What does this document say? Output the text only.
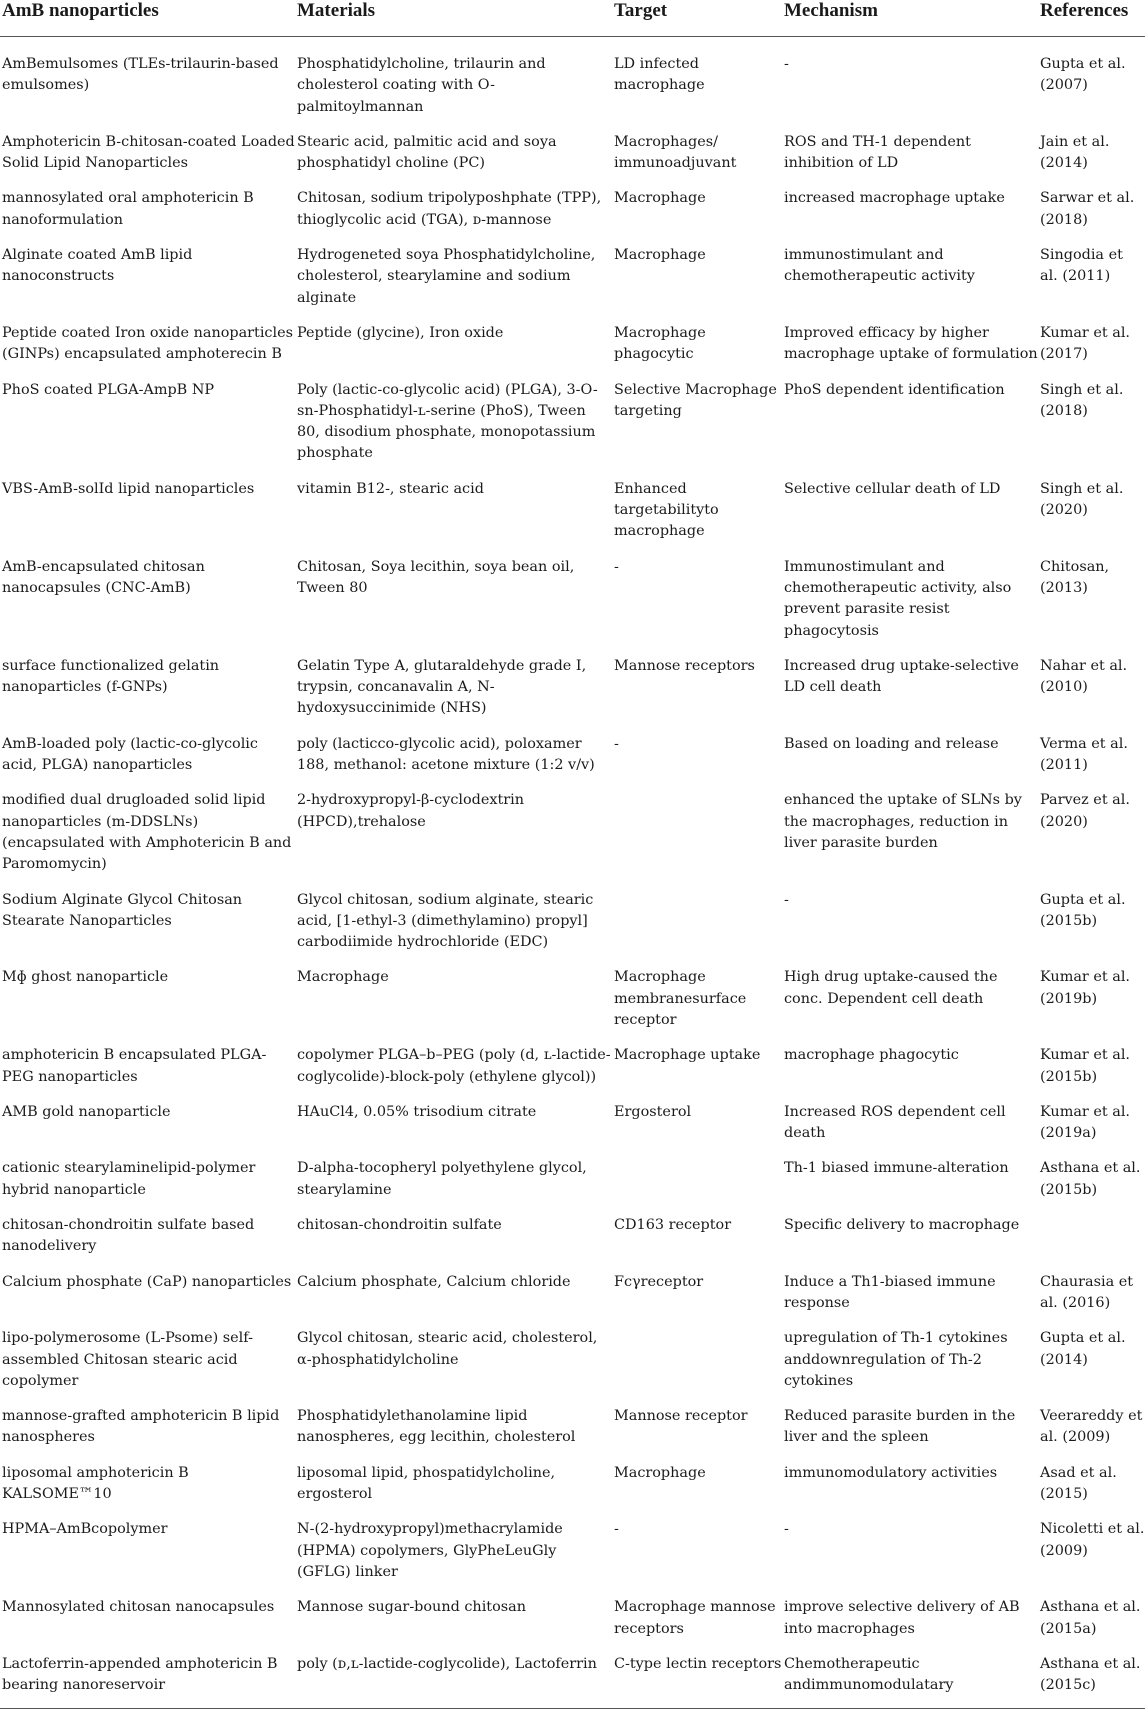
AmB nanoparticles	Materials	Target	Mechanism	References

AmBemulsomes (TLEs-trilaurin-based emulsomes)	Phosphatidylcholine, trilaurin and cholesterol coating with O-palmitoylmannan	LD infected macrophage	-	Gupta et al. (2007)
Amphotericin B-chitosan-coated Loaded Solid Lipid Nanoparticles	Stearic acid, palmitic acid and soya phosphatidyl choline (PC)	Macrophages/ immunoadjuvant	ROS and TH-1 dependent inhibition of LD	Jain et al. (2014)
mannosylated oral amphotericin B nanoformulation	Chitosan, sodium tripolyposhphate (TPP), thioglycolic acid (TGA), ᴅ-mannose	Macrophage	increased macrophage uptake	Sarwar et al. (2018)
Alginate coated AmB lipid nanoconstructs	Hydrogeneted soya Phosphatidylcholine, cholesterol, stearylamine and sodium alginate	Macrophage	immunostimulant and chemotherapeutic activity	Singodia et al. (2011)
Peptide coated Iron oxide nanoparticles (GINPs) encapsulated amphoterecin B	Peptide (glycine), Iron oxide	Macrophage phagocytic	Improved efficacy by higher macrophage uptake of formulation	Kumar et al. (2017)
PhoS coated PLGA-AmpB NP	Poly (lactic-co-glycolic acid) (PLGA), 3-O-sn-Phosphatidyl-ʟ-serine (PhoS), Tween 80, disodium phosphate, monopotassium phosphate	Selective Macrophage targeting	PhoS dependent identification	Singh et al. (2018)
VBS-AmB-solId lipid nanoparticles	vitamin B12-, stearic acid	Enhanced targetabilityto macrophage	Selective cellular death of LD	Singh et al. (2020)
AmB-encapsulated chitosan nanocapsules (CNC-AmB)	Chitosan, Soya lecithin, soya bean oil, Tween 80	-	Immunostimulant and chemotherapeutic activity, also prevent parasite resist phagocytosis	Chitosan, (2013)
surface functionalized gelatin nanoparticles (f-GNPs)	Gelatin Type A, glutaraldehyde grade I, trypsin, concanavalin A, N-hydoxysuccinimide (NHS)	Mannose receptors	Increased drug uptake-selective LD cell death	Nahar et al. (2010)
AmB-loaded poly (lactic-co-glycolic acid, PLGA) nanoparticles	poly (lacticco-glycolic acid), poloxamer 188, methanol: acetone mixture (1:2 v/v)	-	Based on loading and release	Verma et al. (2011)
modified dual drugloaded solid lipid nanoparticles (m-DDSLNs) (encapsulated with Amphotericin B and Paromomycin)	2-hydroxypropyl-β-cyclodextrin (HPCD),trehalose		enhanced the uptake of SLNs by the macrophages, reduction in liver parasite burden	Parvez et al. (2020)
Sodium Alginate Glycol Chitosan Stearate Nanoparticles	Glycol chitosan, sodium alginate, stearic acid, [1-ethyl-3 (dimethylamino) propyl] carbodiimide hydrochloride (EDC)		-	Gupta et al. (2015b)
Mɸ ghost nanoparticle	Macrophage	Macrophage membranesurface receptor	High drug uptake-caused the conc. Dependent cell death	Kumar et al. (2019b)
amphotericin B encapsulated PLGA-PEG nanoparticles	copolymer PLGA–b–PEG (poly (d, ʟ-lactide-coglycolide)-block-poly (ethylene glycol))	Macrophage uptake	macrophage phagocytic	Kumar et al. (2015b)
AMB gold nanoparticle	HAuCl4, 0.05% trisodium citrate	Ergosterol	Increased ROS dependent cell death	Kumar et al. (2019a)
cationic stearylaminelipid-polymer hybrid nanoparticle	D-alpha-tocopheryl polyethylene glycol, stearylamine		Th-1 biased immune-alteration	Asthana et al. (2015b)
chitosan-chondroitin sulfate based nanodelivery	chitosan-chondroitin sulfate	CD163 receptor	Specific delivery to macrophage	
Calcium phosphate (CaP) nanoparticles	Calcium phosphate, Calcium chloride	Fcγreceptor	Induce a Th1-biased immune response	Chaurasia et al. (2016)
lipo-polymerosome (L-Psome) self-assembled Chitosan stearic acid copolymer	Glycol chitosan, stearic acid, cholesterol, α-phosphatidylcholine		upregulation of Th-1 cytokines anddownregulation of Th-2 cytokines	Gupta et al. (2014)
mannose-grafted amphotericin B lipid nanospheres	Phosphatidylethanolamine lipid nanospheres, egg lecithin, cholesterol	Mannose receptor	Reduced parasite burden in the liver and the spleen	Veerareddy et al. (2009)
liposomal amphotericin B KALSOME™10	liposomal lipid, phospatidylcholine, ergosterol	Macrophage	immunomodulatory activities	Asad et al. (2015)
HPMA–AmBcopolymer	N-(2-hydroxypropyl)methacrylamide (HPMA) copolymers, GlyPheLeuGly (GFLG) linker	-	-	Nicoletti et al. (2009)
Mannosylated chitosan nanocapsules	Mannose sugar-bound chitosan	Macrophage mannose receptors	improve selective delivery of AB into macrophages	Asthana et al. (2015a)
Lactoferrin-appended amphotericin B bearing nanoreservoir	poly (ᴅ,ʟ-lactide-coglycolide), Lactoferrin	C-type lectin receptors	Chemotherapeutic andimmunomodulatary	Asthana et al. (2015c)
